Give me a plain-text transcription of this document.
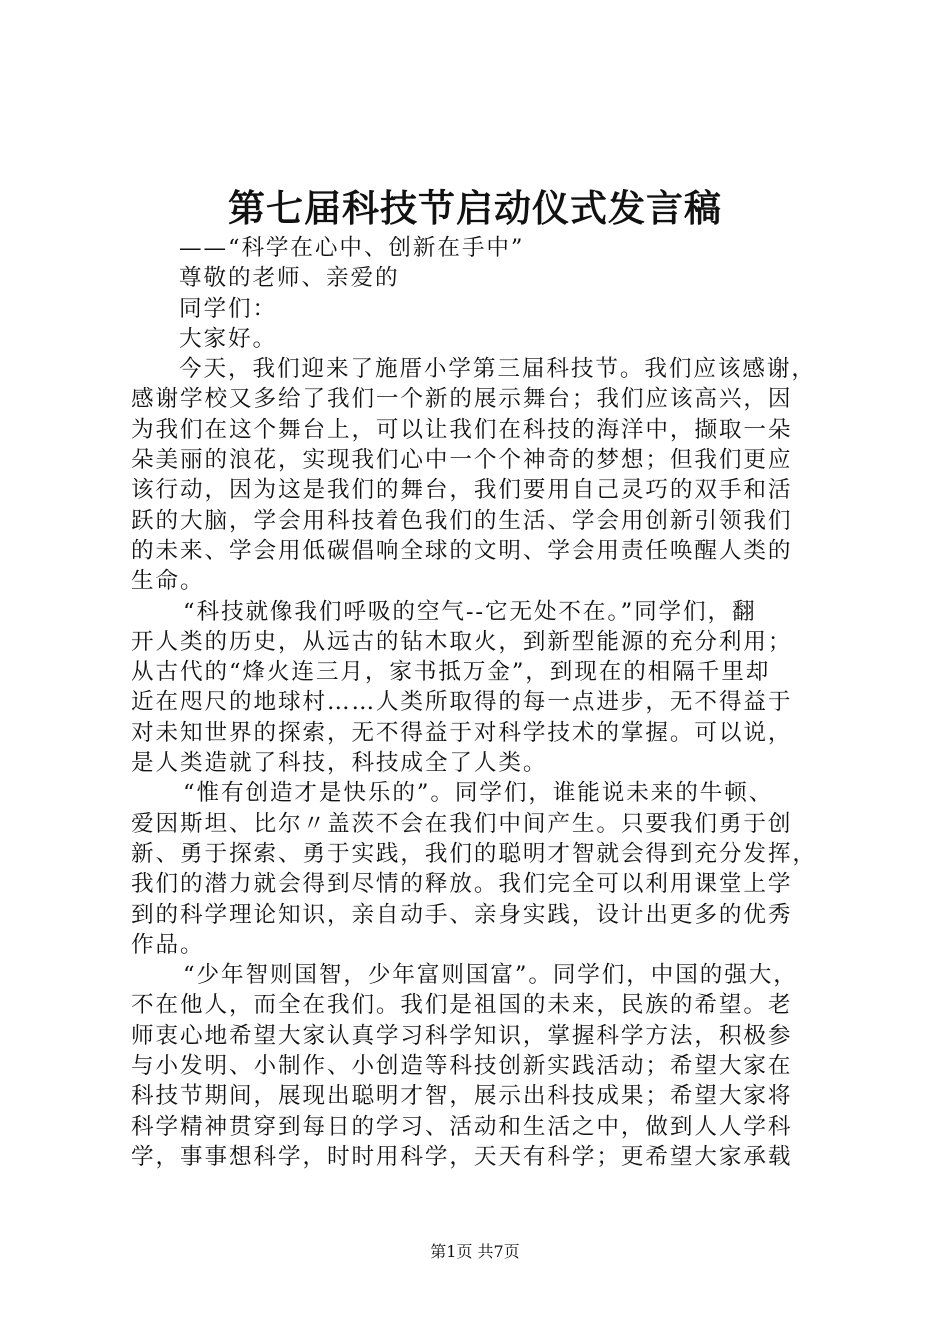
第七届科技节启动仪式发言稿

——“科学在心中、创新在手中”

尊敬的老师、亲爱的

同学们：

大家好。

今天，我们迎来了施厝小学第三届科技节。我们应该感谢，

感谢学校又多给了我们一个新的展示舞台；我们应该高兴，因

为我们在这个舞台上，可以让我们在科技的海洋中，撷取一朵

朵美丽的浪花，实现我们心中一个个神奇的梦想；但我们更应

该行动，因为这是我们的舞台，我们要用自己灵巧的双手和活

跃的大脑，学会用科技着色我们的生活、学会用创新引领我们

的未来、学会用低碳倡响全球的文明、学会用责任唤醒人类的

生命。

“科技就像我们呼吸的空气--它无处不在。”同学们，翻

开人类的历史，从远古的钻木取火，到新型能源的充分利用；

从古代的“烽火连三月，家书抵万金”，到现在的相隔千里却

近在咫尺的地球村……人类所取得的每一点进步，无不得益于

对未知世界的探索，无不得益于对科学技术的掌握。可以说，

是人类造就了科技，科技成全了人类。

“惟有创造才是快乐的”。同学们，谁能说未来的牛顿、

爱因斯坦、比尔〃盖茨不会在我们中间产生。只要我们勇于创

新、勇于探索、勇于实践，我们的聪明才智就会得到充分发挥，

我们的潜力就会得到尽情的释放。我们完全可以利用课堂上学

到的科学理论知识，亲自动手、亲身实践，设计出更多的优秀

作品。

“少年智则国智，少年富则国富”。同学们，中国的强大，

不在他人，而全在我们。我们是祖国的未来，民族的希望。老

师衷心地希望大家认真学习科学知识，掌握科学方法，积极参

与小发明、小制作、小创造等科技创新实践活动；希望大家在

科技节期间，展现出聪明才智，展示出科技成果；希望大家将

科学精神贯穿到每日的学习、活动和生活之中，做到人人学科

学，事事想科学，时时用科学，天天有科学；更希望大家承载

第1页 共7页
